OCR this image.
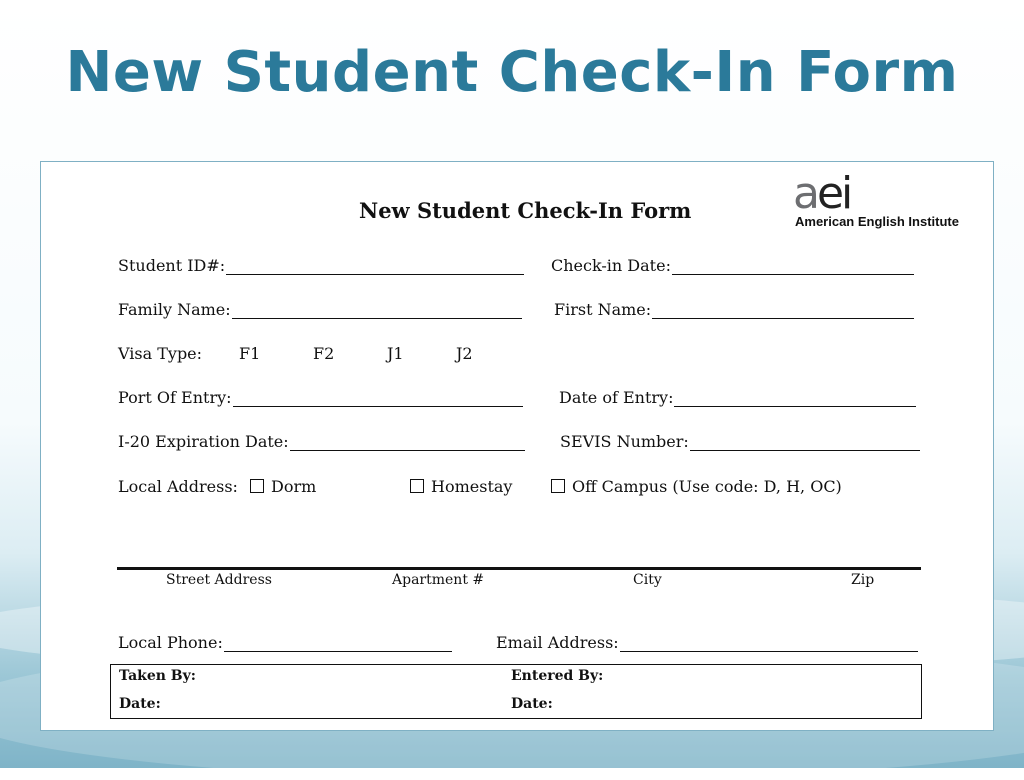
New Student Check-In Form
New Student Check-In Form aei
American English Institute
Student ID#:	Check-in Date:
Family Name:	First Name:
Visa Type: F1	F2	J1	J2
Port Of Entry:	Date of Entry:
I-20 Expiration Date:	SEVIS Number:
Local Address:	Dorm	Homestay	Off Campus (Use code: D, H, OC)
Street Address	Apartment #	City	Zip
Local Phone:	Email Address:
Taken By:	Entered By:
Date:	Date:
